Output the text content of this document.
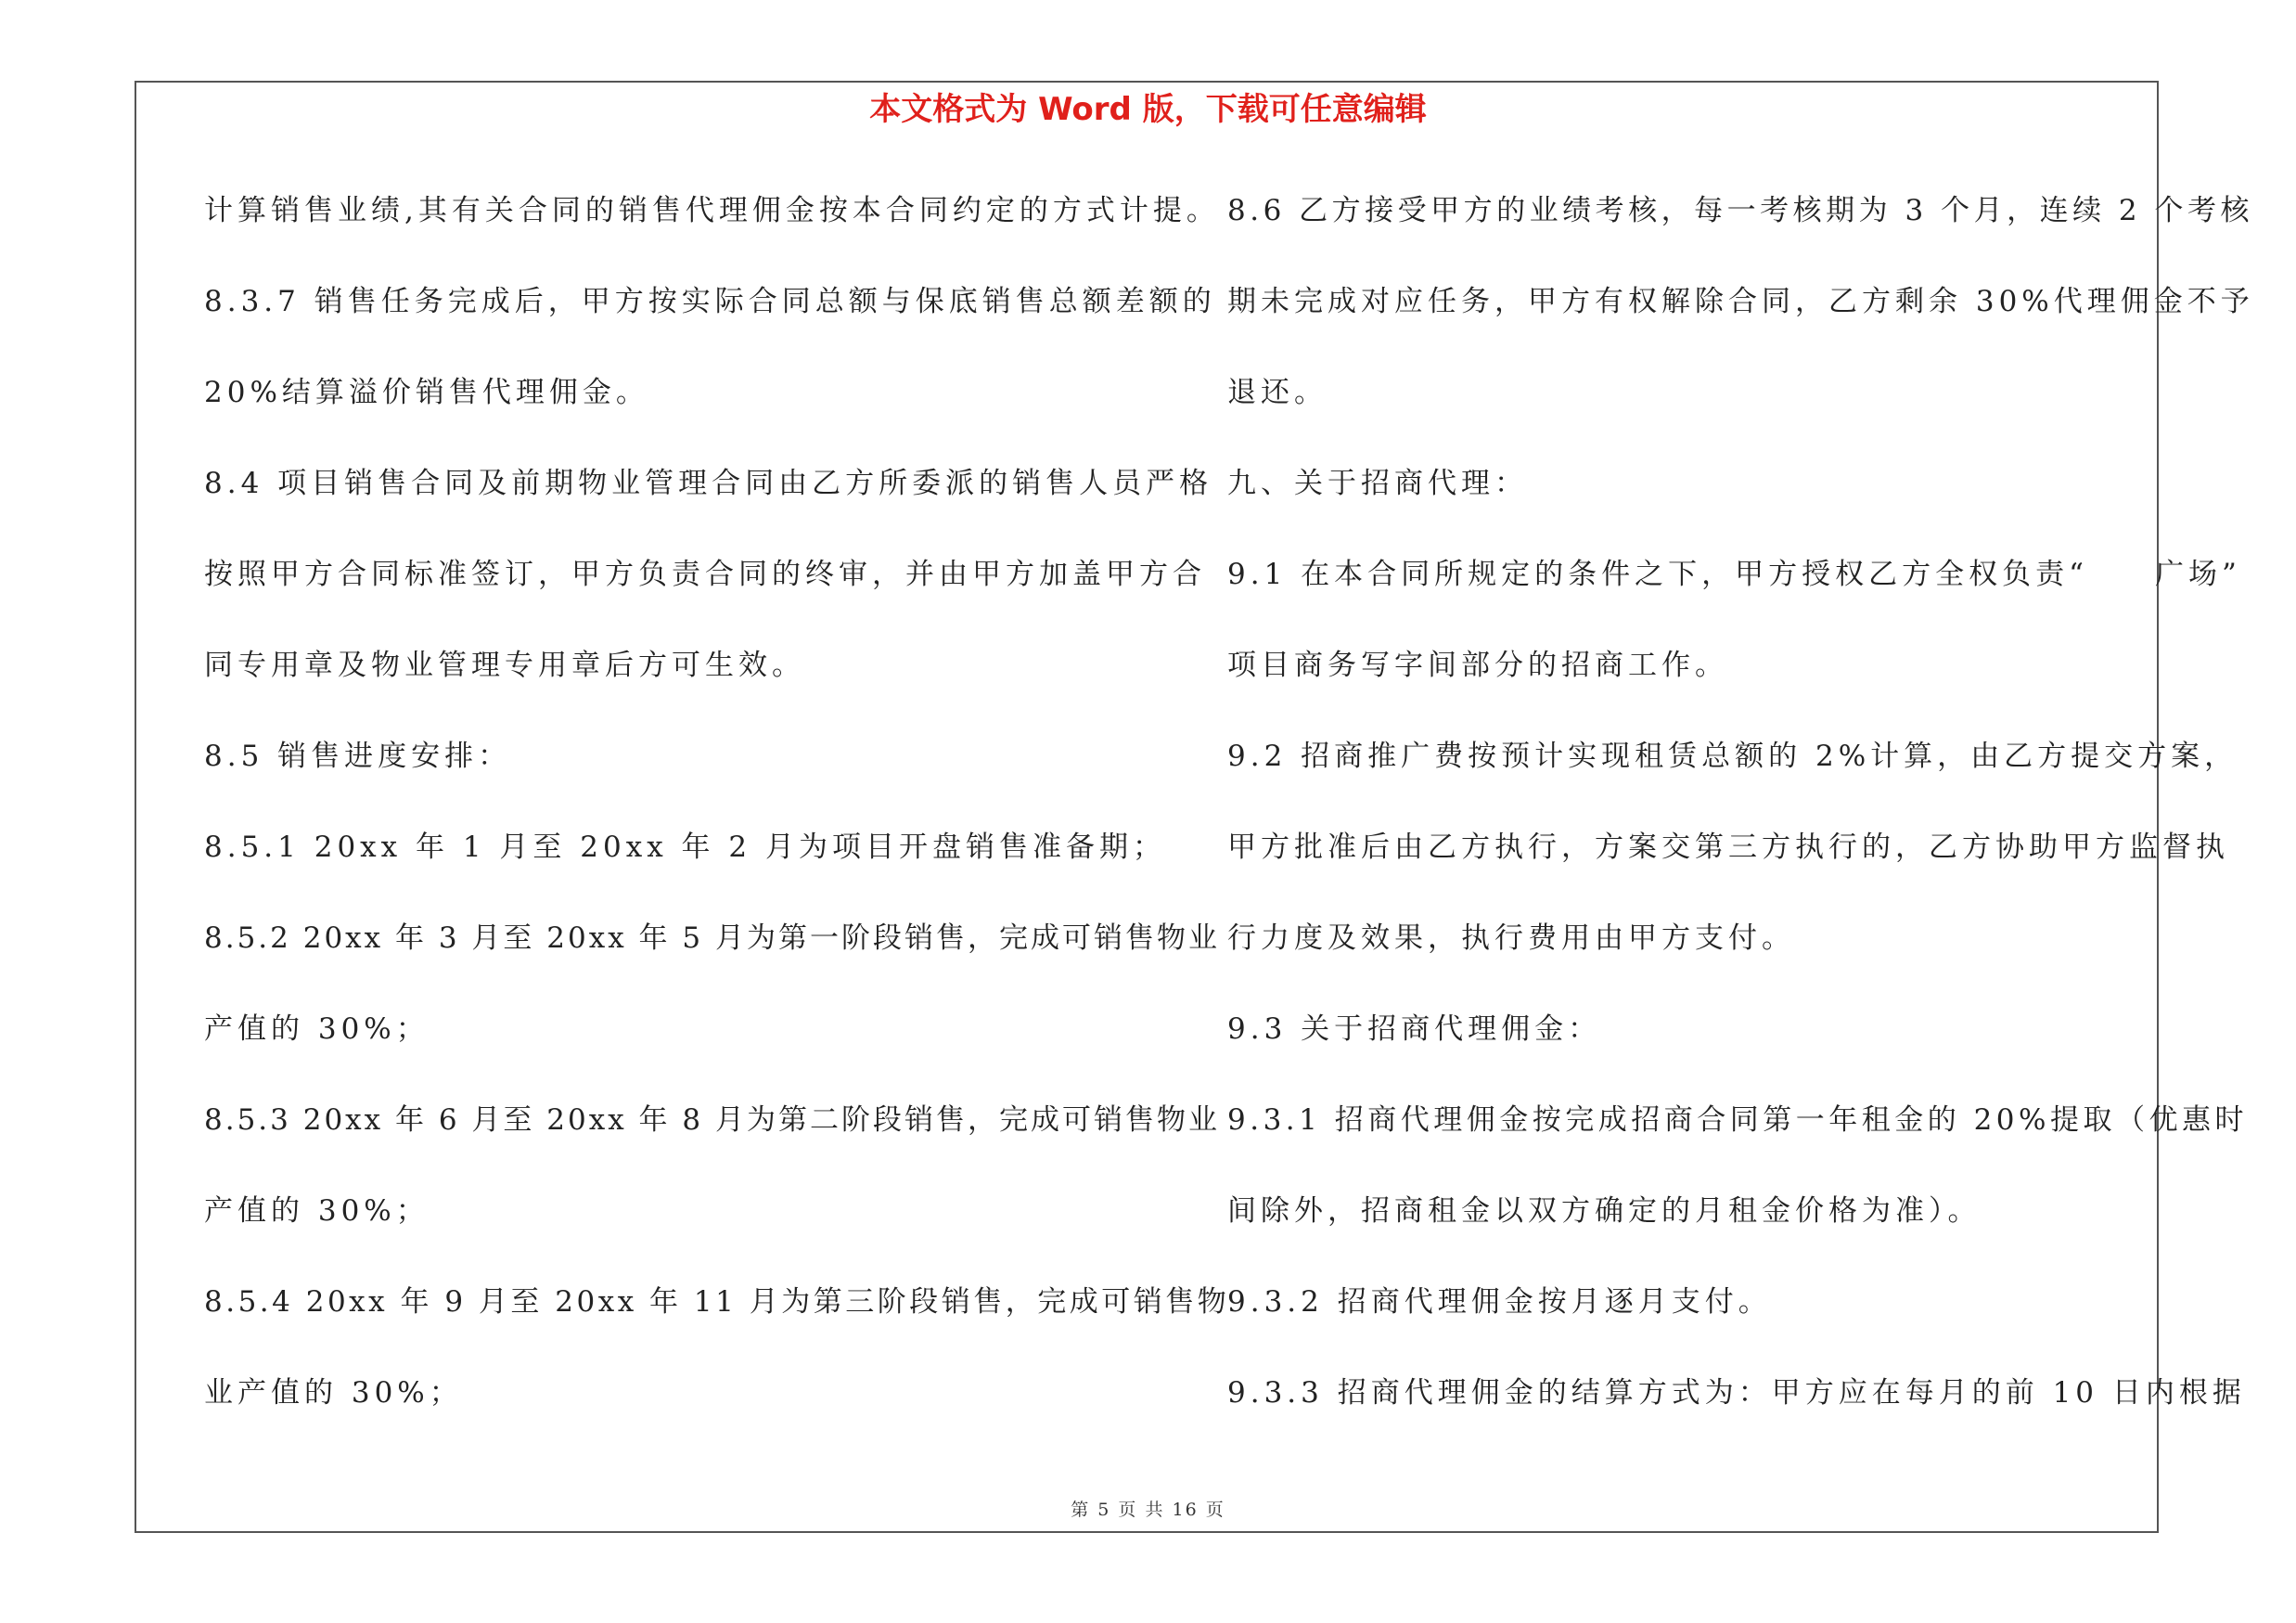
本文格式为 Word 版，下载可任意编辑
计算销售业绩,其有关合同的销售代理佣金按本合同约定的方式计提。
8.3.7 销售任务完成后，甲方按实际合同总额与保底销售总额差额的
20%结算溢价销售代理佣金。
8.4 项目销售合同及前期物业管理合同由乙方所委派的销售人员严格
按照甲方合同标准签订，甲方负责合同的终审，并由甲方加盖甲方合
同专用章及物业管理专用章后方可生效。
8.5 销售进度安排：
8.5.1 20xx 年 1 月至 20xx 年 2 月为项目开盘销售准备期；
8.5.2 20xx 年 3 月至 20xx 年 5 月为第一阶段销售，完成可销售物业
产值的 30%；
8.5.3 20xx 年 6 月至 20xx 年 8 月为第二阶段销售，完成可销售物业
产值的 30%；
8.5.4 20xx 年 9 月至 20xx 年 11 月为第三阶段销售，完成可销售物
业产值的 30%；
8.6 乙方接受甲方的业绩考核，每一考核期为 3 个月，连续 2 个考核
期未完成对应任务，甲方有权解除合同，乙方剩余 30%代理佣金不予
退还。
九、关于招商代理：
9.1 在本合同所规定的条件之下，甲方授权乙方全权负责“　　广场”
项目商务写字间部分的招商工作。
9.2 招商推广费按预计实现租赁总额的 2%计算，由乙方提交方案，
甲方批准后由乙方执行，方案交第三方执行的，乙方协助甲方监督执
行力度及效果，执行费用由甲方支付。
9.3 关于招商代理佣金：
9.3.1 招商代理佣金按完成招商合同第一年租金的 20%提取（优惠时
间除外，招商租金以双方确定的月租金价格为准）。
9.3.2 招商代理佣金按月逐月支付。
9.3.3 招商代理佣金的结算方式为：甲方应在每月的前 10 日内根据
第 5 页 共 16 页
